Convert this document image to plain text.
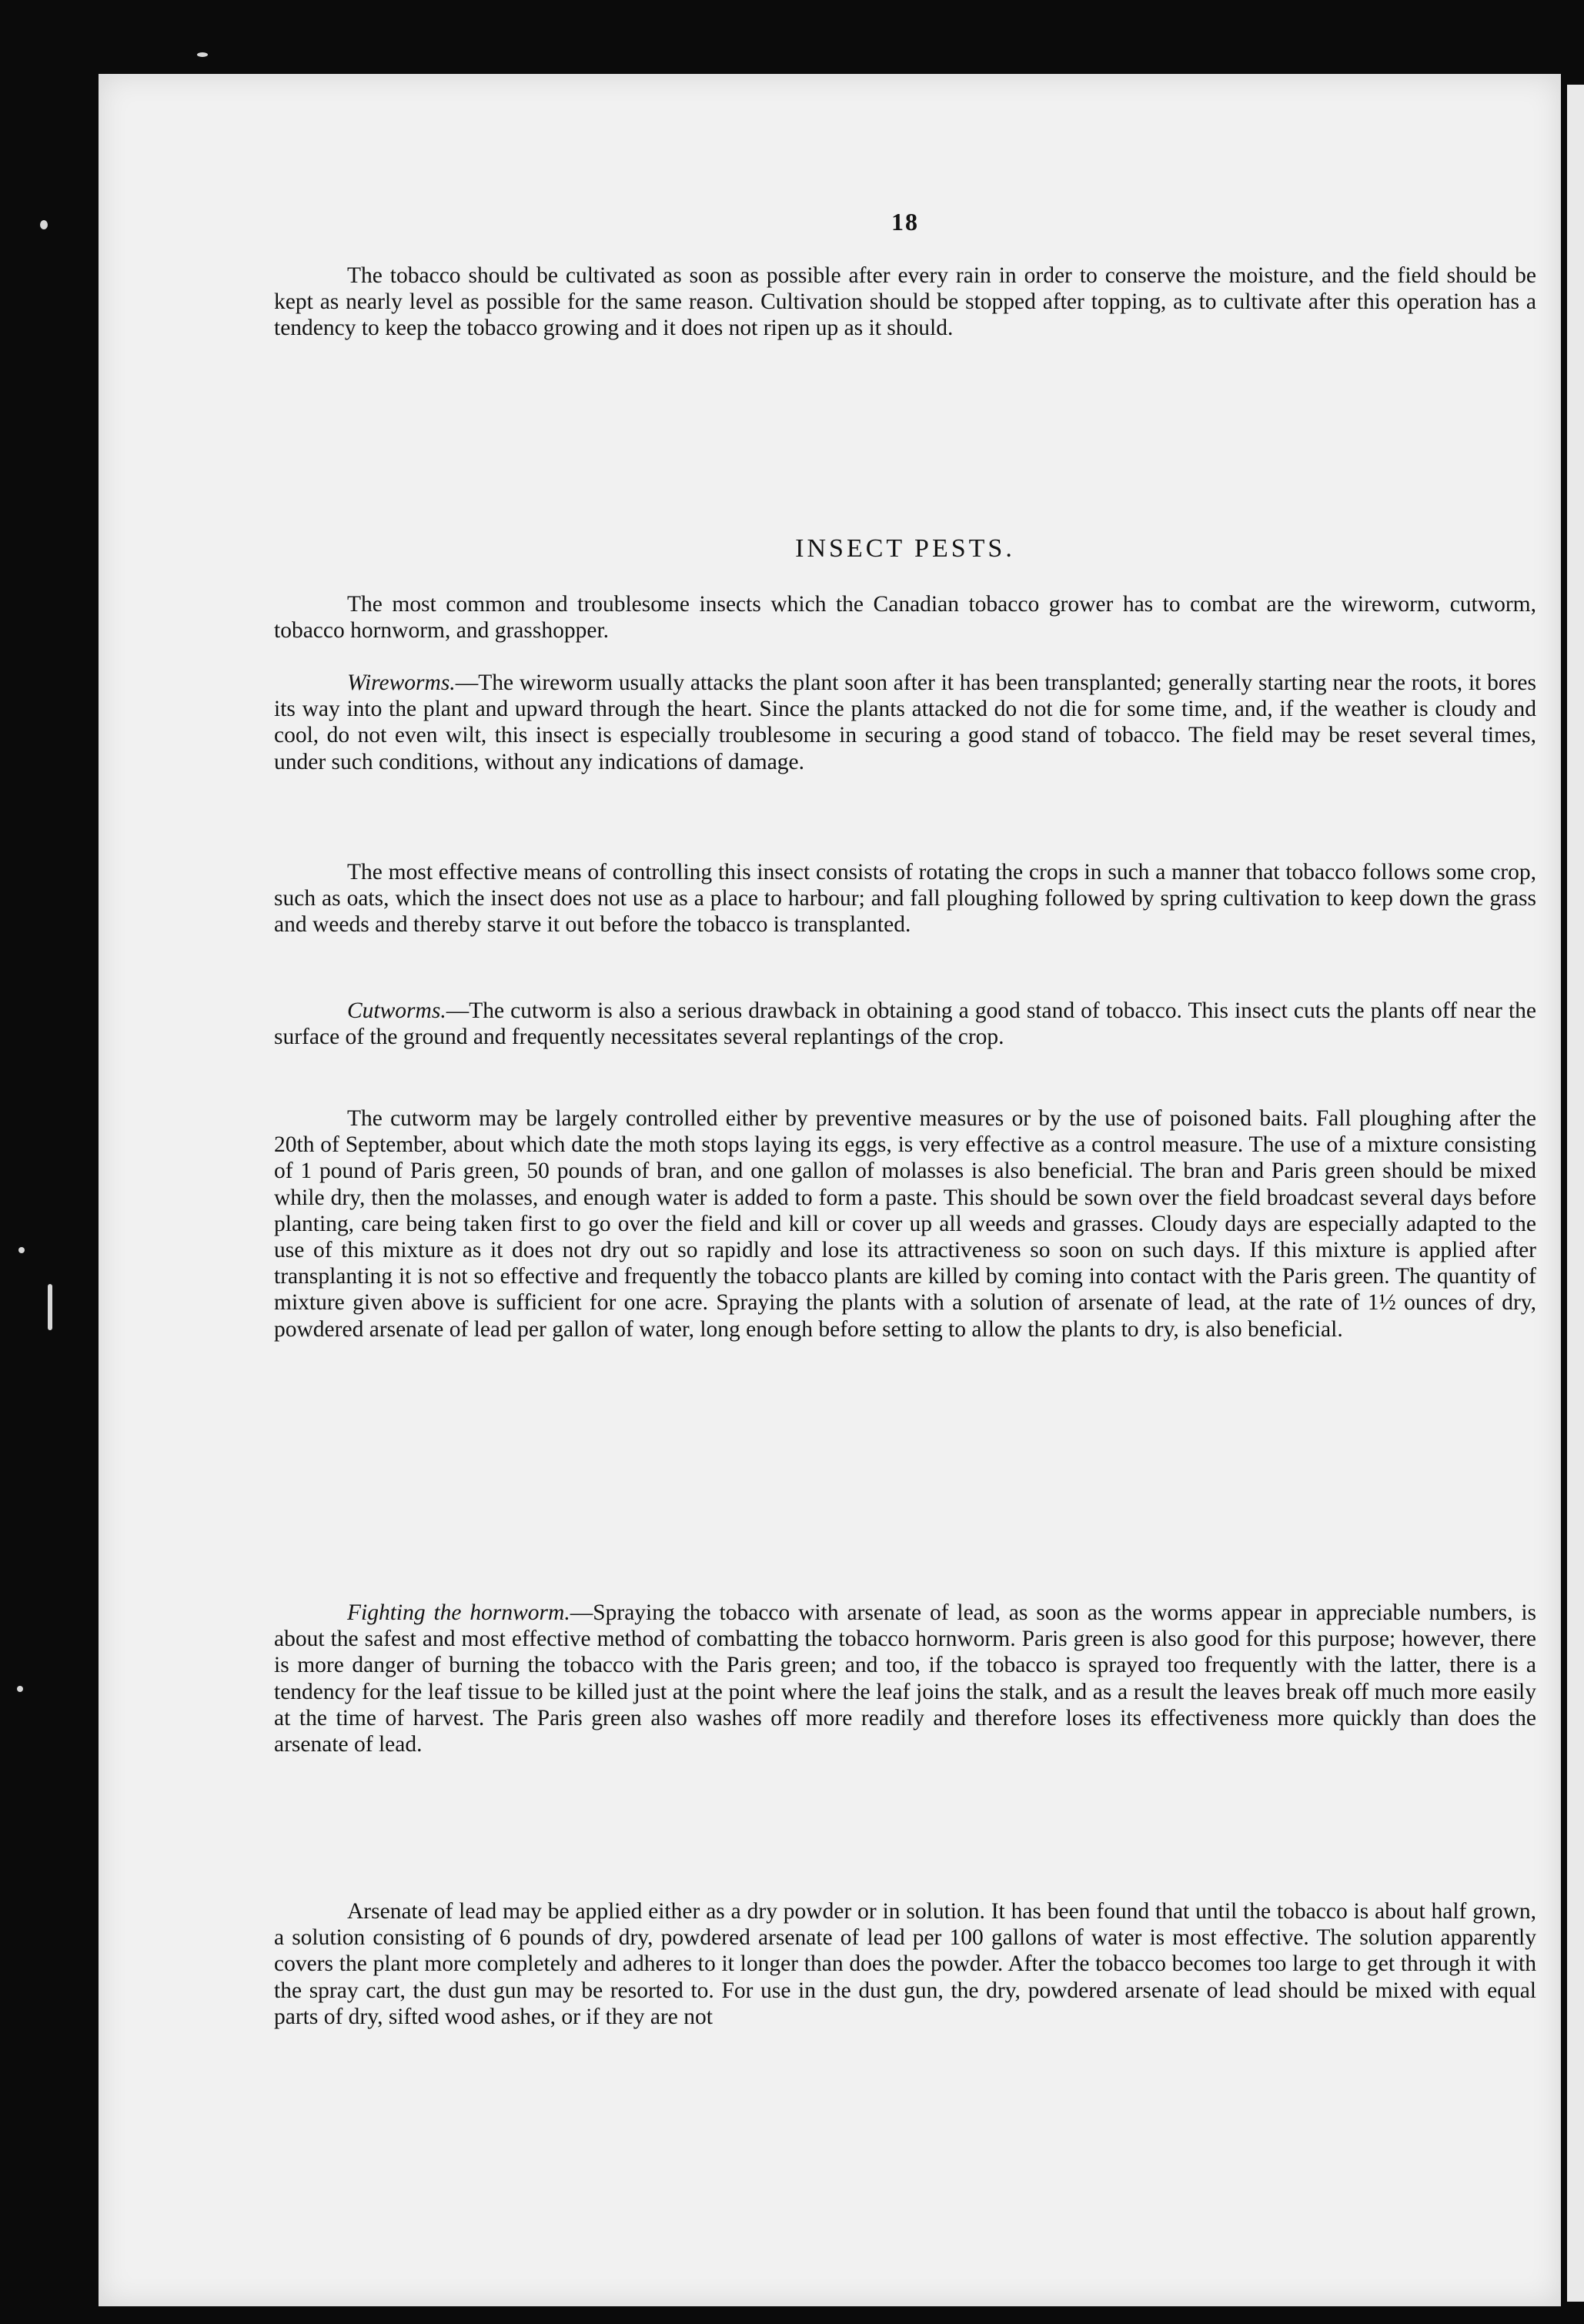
18

The tobacco should be cultivated as soon as possible after every rain in order to conserve the moisture, and the field should be kept as nearly level as possible for the same reason. Cultivation should be stopped after topping, as to cultivate after this operation has a tendency to keep the tobacco growing and it does not ripen up as it should.

INSECT PESTS.

The most common and troublesome insects which the Canadian tobacco grower has to combat are the wireworm, cutworm, tobacco hornworm, and grasshopper.

Wireworms.—The wireworm usually attacks the plant soon after it has been transplanted; generally starting near the roots, it bores its way into the plant and upward through the heart. Since the plants attacked do not die for some time, and, if the weather is cloudy and cool, do not even wilt, this insect is especially troublesome in securing a good stand of tobacco. The field may be reset several times, under such conditions, without any indications of damage.

The most effective means of controlling this insect consists of rotating the crops in such a manner that tobacco follows some crop, such as oats, which the insect does not use as a place to harbour; and fall ploughing followed by spring cultivation to keep down the grass and weeds and thereby starve it out before the tobacco is transplanted.

Cutworms.—The cutworm is also a serious drawback in obtaining a good stand of tobacco. This insect cuts the plants off near the surface of the ground and frequently necessitates several replantings of the crop.

The cutworm may be largely controlled either by preventive measures or by the use of poisoned baits. Fall ploughing after the 20th of September, about which date the moth stops laying its eggs, is very effective as a control measure. The use of a mixture consisting of 1 pound of Paris green, 50 pounds of bran, and one gallon of molasses is also beneficial. The bran and Paris green should be mixed while dry, then the molasses, and enough water is added to form a paste. This should be sown over the field broadcast several days before planting, care being taken first to go over the field and kill or cover up all weeds and grasses. Cloudy days are especially adapted to the use of this mixture as it does not dry out so rapidly and lose its attractiveness so soon on such days. If this mixture is applied after transplanting it is not so effective and frequently the tobacco plants are killed by coming into contact with the Paris green. The quantity of mixture given above is sufficient for one acre. Spraying the plants with a solution of arsenate of lead, at the rate of 1½ ounces of dry, powdered arsenate of lead per gallon of water, long enough before setting to allow the plants to dry, is also beneficial.

Fighting the hornworm.—Spraying the tobacco with arsenate of lead, as soon as the worms appear in appreciable numbers, is about the safest and most effective method of combatting the tobacco hornworm. Paris green is also good for this purpose; however, there is more danger of burning the tobacco with the Paris green; and too, if the tobacco is sprayed too frequently with the latter, there is a tendency for the leaf tissue to be killed just at the point where the leaf joins the stalk, and as a result the leaves break off much more easily at the time of harvest. The Paris green also washes off more readily and therefore loses its effectiveness more quickly than does the arsenate of lead.

Arsenate of lead may be applied either as a dry powder or in solution. It has been found that until the tobacco is about half grown, a solution consisting of 6 pounds of dry, powdered arsenate of lead per 100 gallons of water is most effective. The solution apparently covers the plant more completely and adheres to it longer than does the powder. After the tobacco becomes too large to get through it with the spray cart, the dust gun may be resorted to. For use in the dust gun, the dry, powdered arsenate of lead should be mixed with equal parts of dry, sifted wood ashes, or if they are not
